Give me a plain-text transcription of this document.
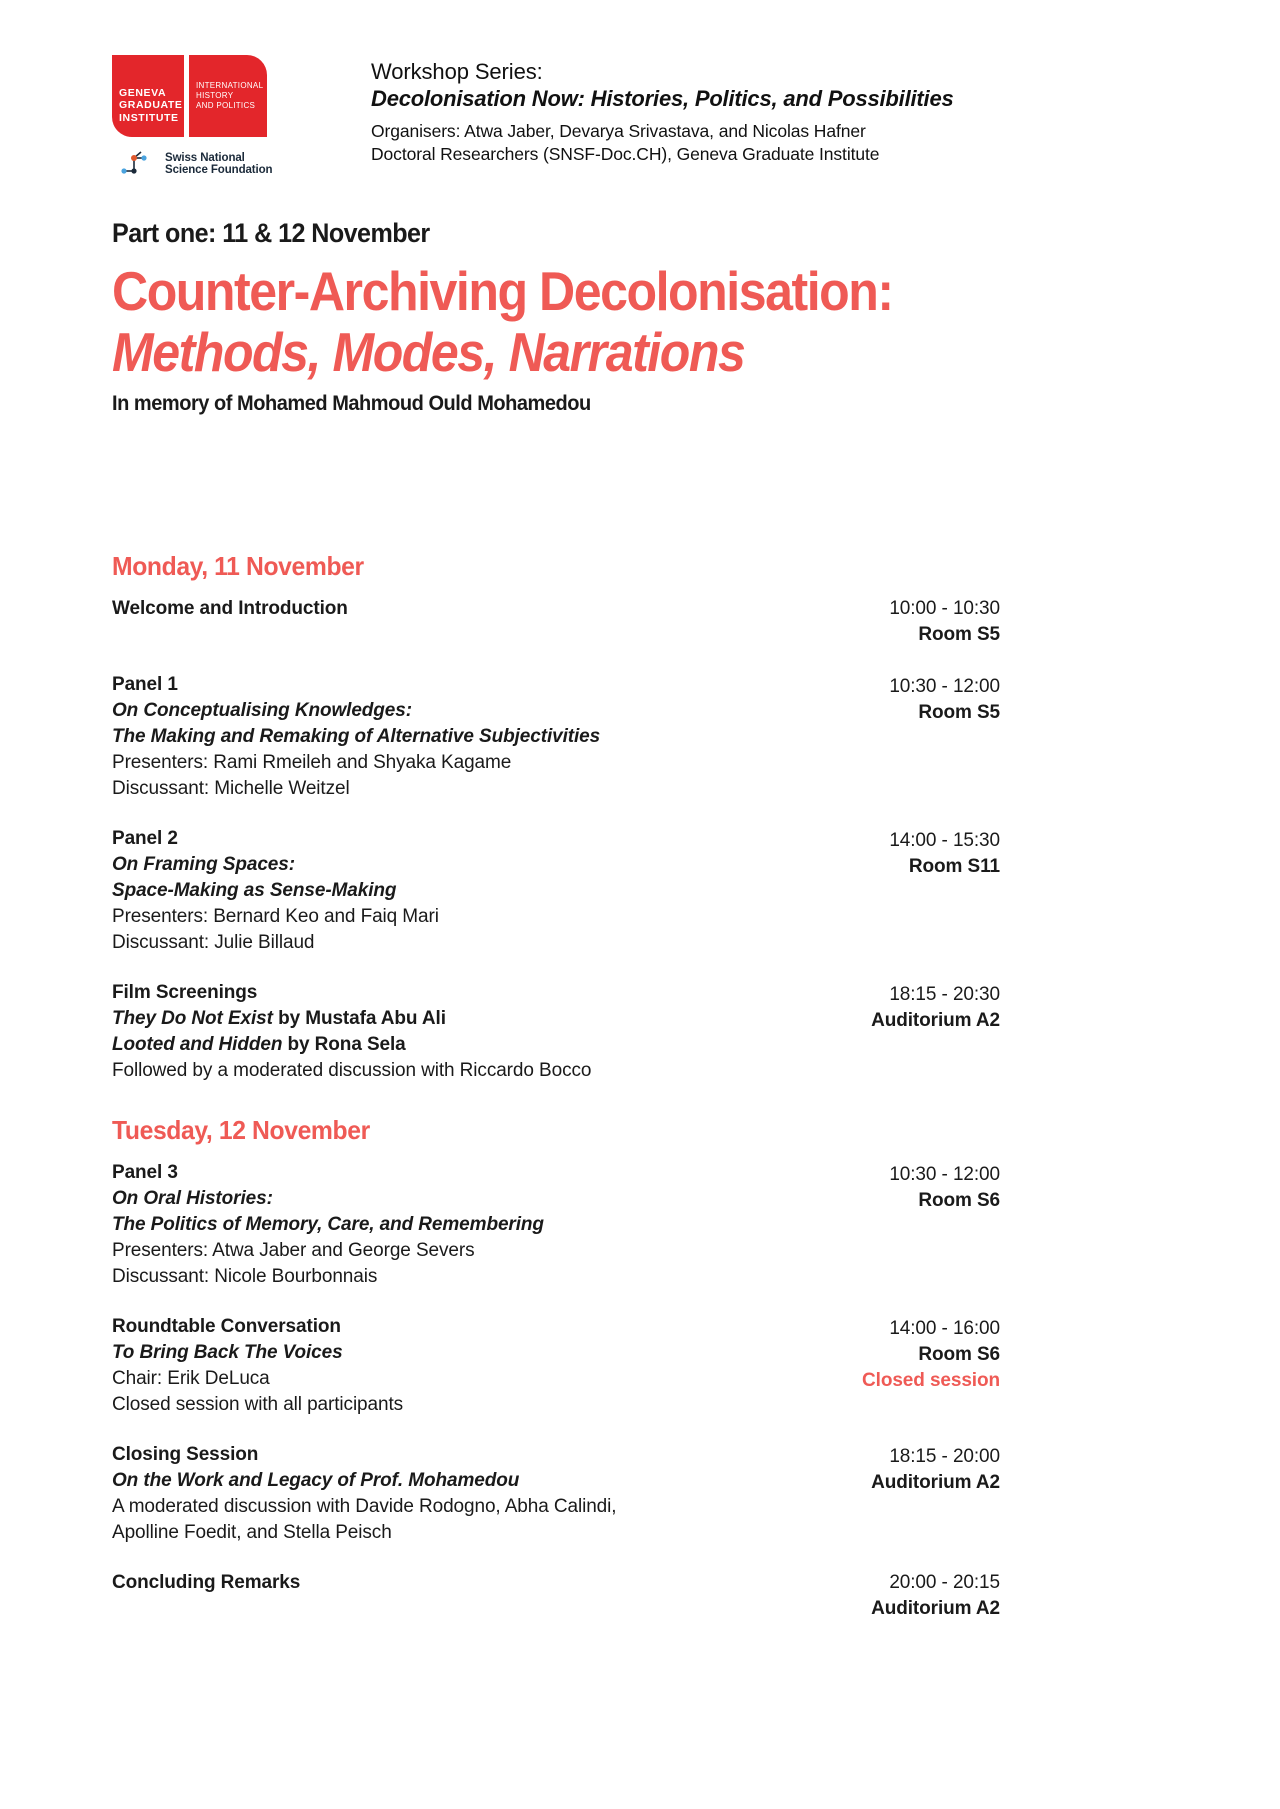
GENEVA
GRADUATE
INSTITUTE
INTERNATIONAL
HISTORY
AND POLITICS
Swiss National
Science Foundation
Workshop Series:
Decolonisation Now: Histories, Politics, and Possibilities
Organisers: Atwa Jaber, Devarya Srivastava, and Nicolas Hafner
Doctoral Researchers (SNSF-Doc.CH), Geneva Graduate Institute
Part one: 11 & 12 November
Counter-Archiving Decolonisation:
Methods, Modes, Narrations
In memory of Mohamed Mahmoud Ould Mohamedou
Monday, 11 November
Welcome and Introduction	10:00 - 10:30
Room S5
Panel 1
On Conceptualising Knowledges:
The Making and Remaking of Alternative Subjectivities
Presenters: Rami Rmeileh and Shyaka Kagame
Discussant: Michelle Weitzel
10:30 - 12:00
Room S5
Panel 2
On Framing Spaces:
Space-Making as Sense-Making
Presenters: Bernard Keo and Faiq Mari
Discussant: Julie Billaud
14:00 - 15:30
Room S11
Film Screenings
They Do Not Exist by Mustafa Abu Ali
Looted and Hidden by Rona Sela
Followed by a moderated discussion with Riccardo Bocco
18:15 - 20:30
Auditorium A2
Tuesday, 12 November
Panel 3
On Oral Histories:
The Politics of Memory, Care, and Remembering
Presenters: Atwa Jaber and George Severs
Discussant: Nicole Bourbonnais
10:30 - 12:00
Room S6
Roundtable Conversation
To Bring Back The Voices
Chair: Erik DeLuca
Closed session with all participants
14:00 - 16:00
Room S6
Closed session
Closing Session
On the Work and Legacy of Prof. Mohamedou
A moderated discussion with Davide Rodogno, Abha Calindi,
Apolline Foedit, and Stella Peisch
18:15 - 20:00
Auditorium A2
Concluding Remarks	20:00 - 20:15
Auditorium A2
